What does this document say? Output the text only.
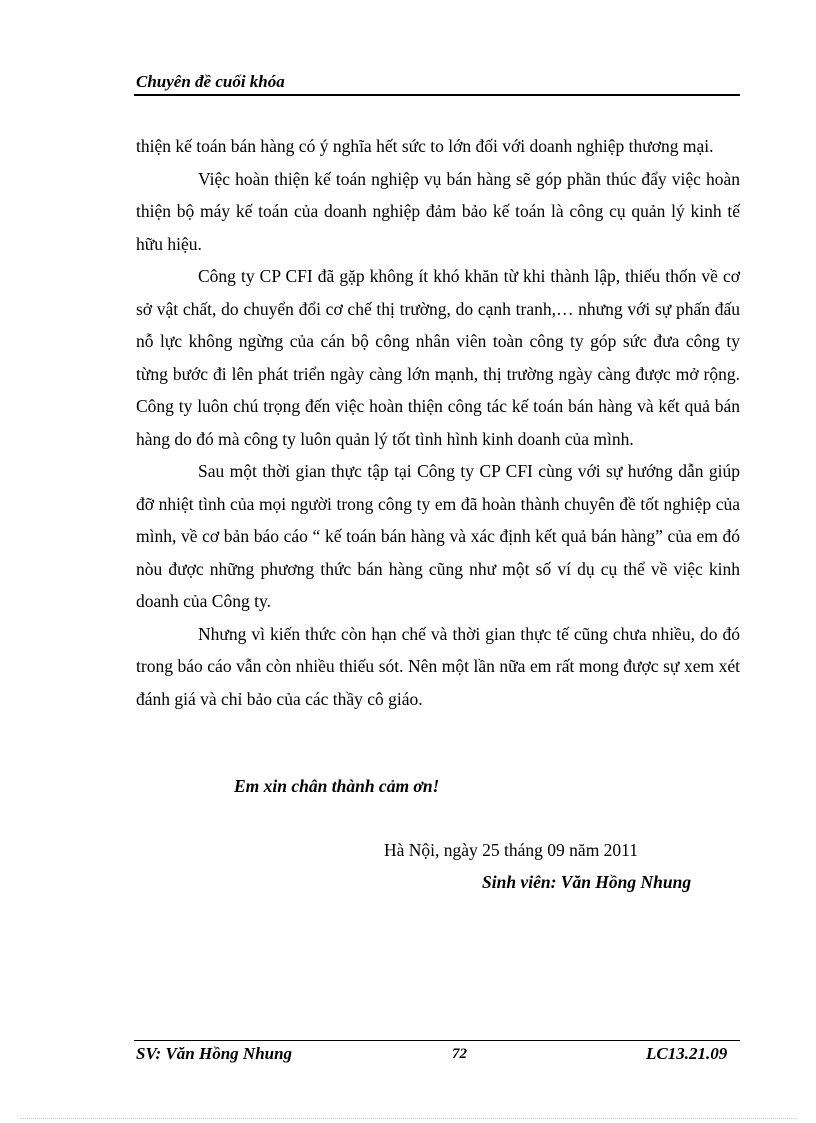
Chuyên đề cuối khóa

thiện kế toán bán hàng có ý nghĩa hết sức to lớn đối với doanh nghiệp thương mại.

Việc hoàn thiện kế toán nghiệp vụ bán hàng sẽ góp phần thúc đẩy việc hoàn thiện bộ máy kế toán của doanh nghiệp đảm bảo kế toán là công cụ quản lý kinh tế hữu hiệu.

Công ty CP CFI đã gặp không ít khó khăn từ khi thành lập, thiếu thốn về cơ sở vật chất, do chuyển đổi cơ chế thị trường, do cạnh tranh,… nhưng với sự phấn đấu nỗ lực không ngừng của cán bộ công nhân viên toàn công ty góp sức đưa công ty từng bước đi lên phát triển ngày càng lớn mạnh, thị trường ngày càng được mở rộng. Công ty luôn chú trọng đến việc hoàn thiện công tác kế toán bán hàng và kết quả bán hàng do đó mà công ty luôn quản lý tốt tình hình kinh doanh của mình.

Sau một thời gian thực tập tại Công ty CP CFI cùng với sự hướng dẫn giúp đỡ nhiệt tình của mọi người trong công ty em đã hoàn thành chuyên đề tốt nghiệp của mình, về cơ bản báo cáo “ kế toán bán hàng và xác định kết quả bán hàng” của em đó nòu được những phương thức bán hàng cũng như một số ví dụ cụ thể về việc kinh doanh của Công ty.

Nhưng vì kiến thức còn hạn chế và thời gian thực tế cũng chưa nhiều, do đó trong báo cáo vẫn còn nhiều thiếu sót. Nên một lần nữa em rất mong được sự xem xét đánh giá và chỉ bảo của các thầy cô giáo.

Em xin chân thành cảm ơn!
Hà Nội, ngày 25 tháng 09 năm 2011
Sinh viên: Văn Hồng Nhung
SV: Văn Hồng Nhung	72	LC13.21.09
